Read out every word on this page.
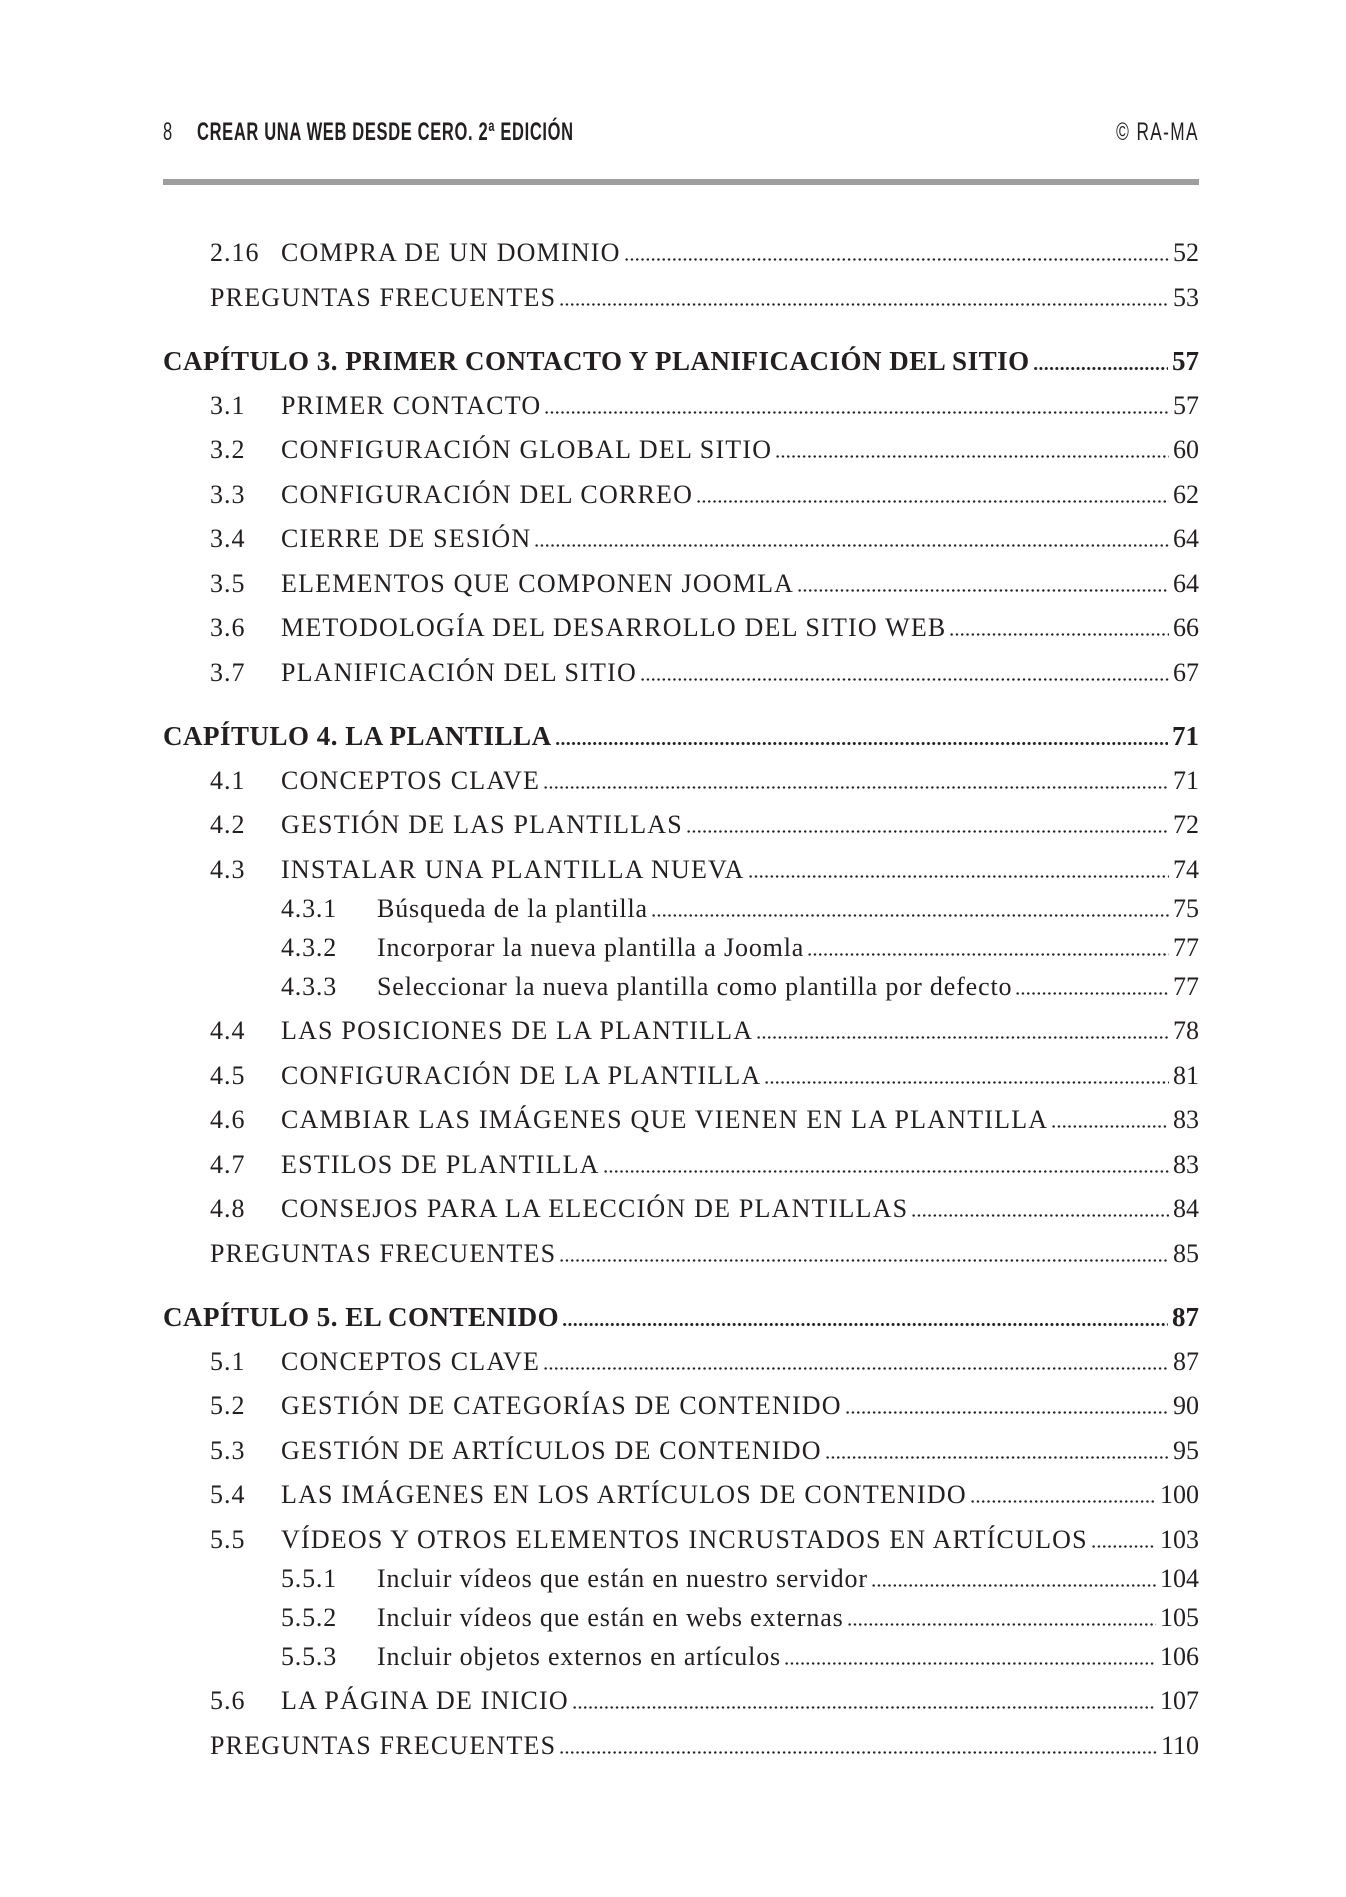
8 CREAR UNA WEB DESDE CERO. 2ª EDICIÓN	© RA-MA
2.16 COMPRA DE UN DOMINIO	52
PREGUNTAS FRECUENTES	53
CAPÍTULO 3. PRIMER CONTACTO Y PLANIFICACIÓN DEL SITIO	57
3.1	PRIMER CONTACTO	57
3.2	CONFIGURACIÓN GLOBAL DEL SITIO	60
3.3	CONFIGURACIÓN DEL CORREO	62
3.4	CIERRE DE SESIÓN	64
3.5	ELEMENTOS QUE COMPONEN JOOMLA	64
3.6	METODOLOGÍA DEL DESARROLLO DEL SITIO WEB	66
3.7	PLANIFICACIÓN DEL SITIO	67
CAPÍTULO 4. LA PLANTILLA	71
4.1	CONCEPTOS CLAVE	71
4.2	GESTIÓN DE LAS PLANTILLAS	72
4.3	INSTALAR UNA PLANTILLA NUEVA	74
4.3.1	Búsqueda de la plantilla	75
4.3.2	Incorporar la nueva plantilla a Joomla	77
4.3.3	Seleccionar la nueva plantilla como plantilla por defecto	77
4.4	LAS POSICIONES DE LA PLANTILLA	78
4.5	CONFIGURACIÓN DE LA PLANTILLA	81
4.6	CAMBIAR LAS IMÁGENES QUE VIENEN EN LA PLANTILLA	83
4.7	ESTILOS DE PLANTILLA	83
4.8	CONSEJOS PARA LA ELECCIÓN DE PLANTILLAS	84
PREGUNTAS FRECUENTES	85
CAPÍTULO 5. EL CONTENIDO	87
5.1	CONCEPTOS CLAVE	87
5.2	GESTIÓN DE CATEGORÍAS DE CONTENIDO	90
5.3	GESTIÓN DE ARTÍCULOS DE CONTENIDO	95
5.4	LAS IMÁGENES EN LOS ARTÍCULOS DE CONTENIDO	100
5.5	VÍDEOS Y OTROS ELEMENTOS INCRUSTADOS EN ARTÍCULOS	103
5.5.1	Incluir vídeos que están en nuestro servidor	104
5.5.2	Incluir vídeos que están en webs externas	105
5.5.3	Incluir objetos externos en artículos	106
5.6	LA PÁGINA DE INICIO	107
PREGUNTAS FRECUENTES	110
